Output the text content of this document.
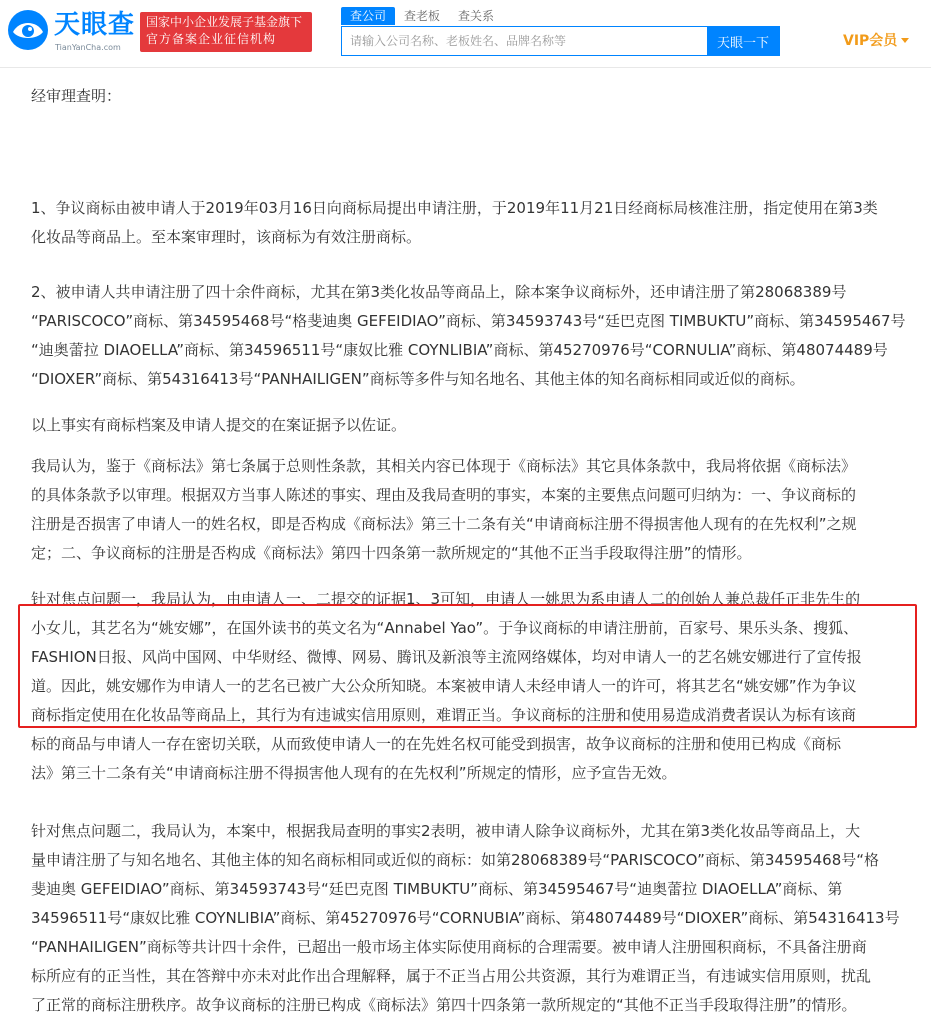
天眼查
TianYanCha.com
国家中小企业发展子基金旗下
官方备案企业征信机构
查公司	查老板	查关系
请输入公司名称、老板姓名、品牌名称等
天眼一下	VIP会员
经审理查明：
1、争议商标由被申请人于2019年03月16日向商标局提出申请注册，于2019年11月21日经商标局核准注册，指定使用在第3类
化妆品等商品上。至本案审理时，该商标为有效注册商标。
2、被申请人共申请注册了四十余件商标，尤其在第3类化妆品等商品上，除本案争议商标外，还申请注册了第28068389号
“PARISCOCO”商标、第34595468号“格斐迪奥 GEFEIDIAO”商标、第34593743号“廷巴克图 TIMBUKTU”商标、第34595467号
“迪奥蕾拉 DIAOELLA”商标、第34596511号“康奴比雅 COYNLIBIA”商标、第45270976号“CORNULIA”商标、第48074489号
“DIOXER”商标、第54316413号“PANHAILIGEN”商标等多件与知名地名、其他主体的知名商标相同或近似的商标。
以上事实有商标档案及申请人提交的在案证据予以佐证。
我局认为，鉴于《商标法》第七条属于总则性条款，其相关内容已体现于《商标法》其它具体条款中，我局将依据《商标法》
的具体条款予以审理。根据双方当事人陈述的事实、理由及我局查明的事实，本案的主要焦点问题可归纳为：一、争议商标的
注册是否损害了申请人一的姓名权，即是否构成《商标法》第三十二条有关“申请商标注册不得损害他人现有的在先权利”之规
定；二、争议商标的注册是否构成《商标法》第四十四条第一款所规定的“其他不正当手段取得注册”的情形。
针对焦点问题一，我局认为，由申请人一、二提交的证据1、3可知，申请人一姚思为系申请人二的创始人兼总裁任正非先生的
小女儿，其艺名为“姚安娜”，在国外读书的英文名为“Annabel Yao”。于争议商标的申请注册前，百家号、果乐头条、搜狐、
FASHION日报、风尚中国网、中华财经、微博、网易、腾讯及新浪等主流网络媒体，均对申请人一的艺名姚安娜进行了宣传报
道。因此，姚安娜作为申请人一的艺名已被广大公众所知晓。本案被申请人未经申请人一的许可，将其艺名“姚安娜”作为争议
商标指定使用在化妆品等商品上，其行为有违诚实信用原则，难谓正当。争议商标的注册和使用易造成消费者误认为标有该商
标的商品与申请人一存在密切关联，从而致使申请人一的在先姓名权可能受到损害，故争议商标的注册和使用已构成《商标
法》第三十二条有关“申请商标注册不得损害他人现有的在先权利”所规定的情形，应予宣告无效。
针对焦点问题二，我局认为，本案中，根据我局查明的事实2表明，被申请人除争议商标外，尤其在第3类化妆品等商品上，大
量申请注册了与知名地名、其他主体的知名商标相同或近似的商标：如第28068389号“PARISCOCO”商标、第34595468号“格
斐迪奥 GEFEIDIAO”商标、第34593743号“廷巴克图 TIMBUKTU”商标、第34595467号“迪奥蕾拉 DIAOELLA”商标、第
34596511号“康奴比雅 COYNLIBIA”商标、第45270976号“CORNUBIA”商标、第48074489号“DIOXER”商标、第54316413号
“PANHAILIGEN”商标等共计四十余件，已超出一般市场主体实际使用商标的合理需要。被申请人注册囤积商标，不具备注册商
标所应有的正当性，其在答辩中亦未对此作出合理解释，属于不正当占用公共资源，其行为难谓正当，有违诚实信用原则，扰乱
了正常的商标注册秩序。故争议商标的注册已构成《商标法》第四十四条第一款所规定的“其他不正当手段取得注册”的情形。
